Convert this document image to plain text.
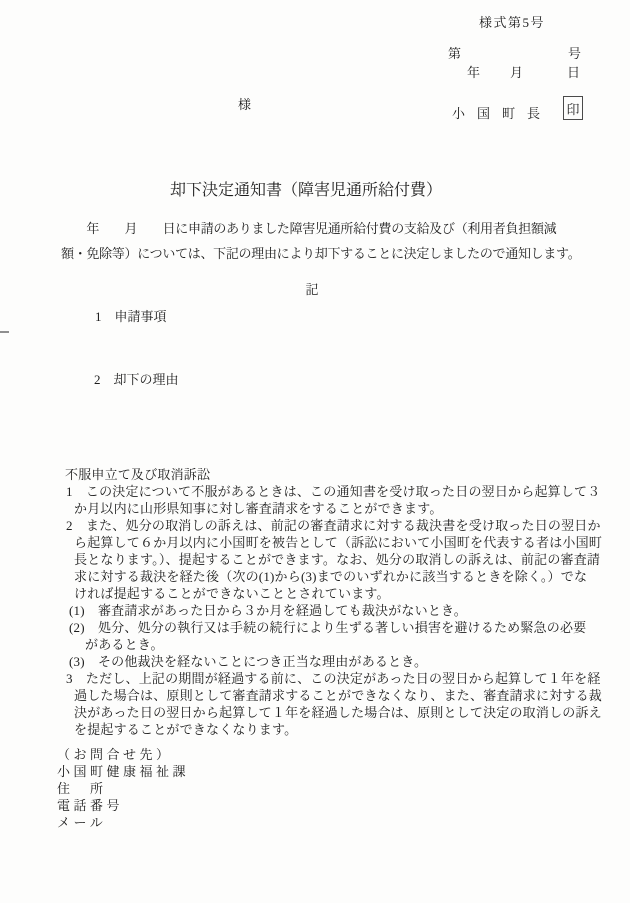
様式第5号
第	号
年 月	日
様
小国町長 印
却下決定通知書（障害児通所給付費）
　　年　　月　　日に申請のありました障害児通所給付費の支給及び（利用者負担額減
額・免除等）については、下記の理由により却下することに決定しましたので通知します。
記
1　申請事項
2　却下の理由
不服申立て及び取消訴訟
1　この決定について不服があるときは、この通知書を受け取った日の翌日から起算して３
か月以内に山形県知事に対し審査請求をすることができます。
2　また、処分の取消しの訴えは、前記の審査請求に対する裁決書を受け取った日の翌日か
ら起算して６か月以内に小国町を被告として（訴訟において小国町を代表する者は小国町
長となります。）、提起することができます。なお、処分の取消しの訴えは、前記の審査請
求に対する裁決を経た後（次の(1)から(3)までのいずれかに該当するときを除く。）でな
ければ提起することができないこととされています。
(1)　審査請求があった日から３か月を経過しても裁決がないとき。
(2)　処分、処分の執行又は手続の続行により生ずる著しい損害を避けるため緊急の必要
があるとき。
(3)　その他裁決を経ないことにつき正当な理由があるとき。
3　ただし、上記の期間が経過する前に、この決定があった日の翌日から起算して１年を経
過した場合は、原則として審査請求することができなくなり、また、審査請求に対する裁
決があった日の翌日から起算して１年を経過した場合は、原則として決定の取消しの訴え
を提起することができなくなります。
（お問合せ先）
小国町健康福祉課
住　所
電話番号
メール
